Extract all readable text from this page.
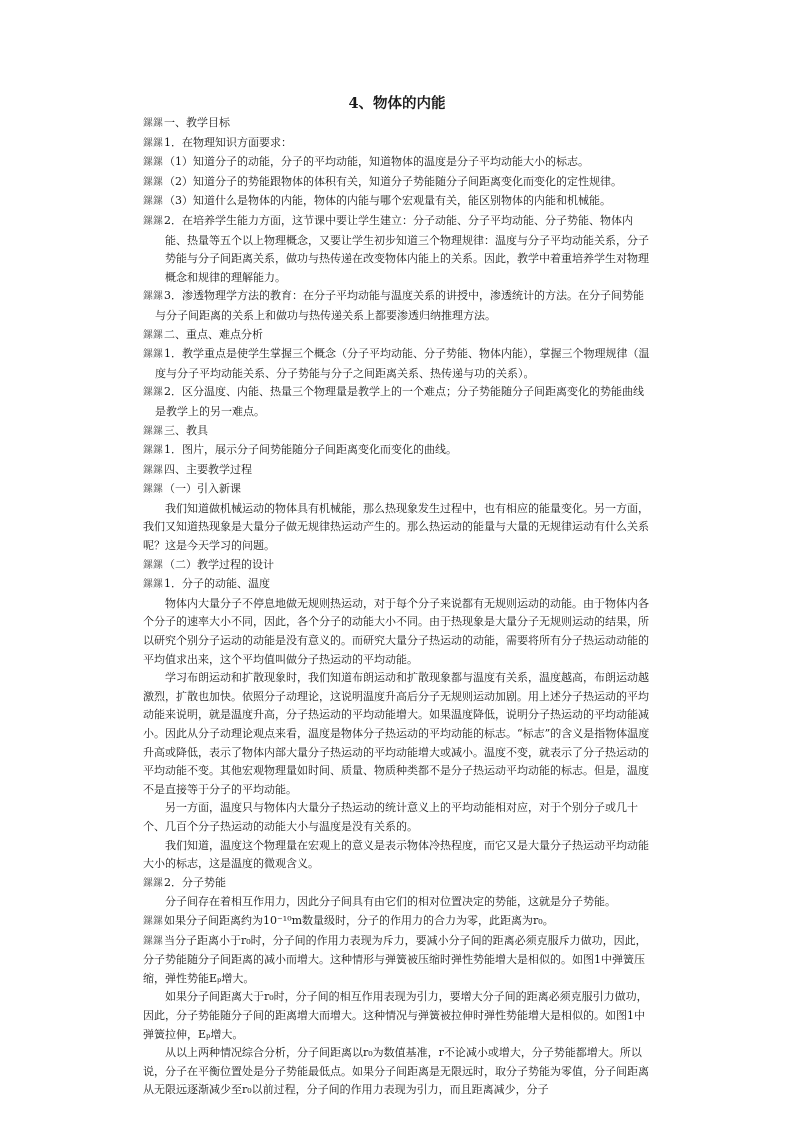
4、物体的内能

鏍鏍一、教学目标

鏍鏍1．在物理知识方面要求：

鏍鏍（1）知道分子的动能，分子的平均动能，知道物体的温度是分子平均动能大小的标志。

鏍鏍（2）知道分子的势能跟物体的体积有关，知道分子势能随分子间距离变化而变化的定性规律。

鏍鏍（3）知道什么是物体的内能，物体的内能与哪个宏观量有关，能区别物体的内能和机械能。

鏍鏍2．在培养学生能力方面，这节课中要让学生建立：分子动能、分子平均动能、分子势能、物体内能、热量等五个以上物理概念，又要让学生初步知道三个物理规律：温度与分子平均动能关系，分子势能与分子间距离关系，做功与热传递在改变物体内能上的关系。因此，教学中着重培养学生对物理概念和规律的理解能力。

鏍鏍3．渗透物理学方法的教育：在分子平均动能与温度关系的讲授中，渗透统计的方法。在分子间势能与分子间距离的关系上和做功与热传递关系上都要渗透归纳推理方法。

鏍鏍二、重点、难点分析

鏍鏍1．教学重点是使学生掌握三个概念（分子平均动能、分子势能、物体内能），掌握三个物理规律（温度与分子平均动能关系、分子势能与分子之间距离关系、热传递与功的关系）。

鏍鏍2．区分温度、内能、热量三个物理量是教学上的一个难点；分子势能随分子间距离变化的势能曲线是教学上的另一难点。

鏍鏍三、教具

鏍鏍1．图片，展示分子间势能随分子间距离变化而变化的曲线。

鏍鏍四、主要教学过程

鏍鏍（一）引入新课

我们知道做机械运动的物体具有机械能，那么热现象发生过程中，也有相应的能量变化。另一方面，我们又知道热现象是大量分子做无规律热运动产生的。那么热运动的能量与大量的无规律运动有什么关系呢？这是今天学习的问题。

鏍鏍（二）教学过程的设计

鏍鏍1．分子的动能、温度

物体内大量分子不停息地做无规则热运动，对于每个分子来说都有无规则运动的动能。由于物体内各个分子的速率大小不同，因此，各个分子的动能大小不同。由于热现象是大量分子无规则运动的结果，所以研究个别分子运动的动能是没有意义的。而研究大量分子热运动的动能，需要将所有分子热运动动能的平均值求出来，这个平均值叫做分子热运动的平均动能。

学习布朗运动和扩散现象时，我们知道布朗运动和扩散现象都与温度有关系，温度越高，布朗运动越激烈，扩散也加快。依照分子动理论，这说明温度升高后分子无规则运动加剧。用上述分子热运动的平均动能来说明，就是温度升高，分子热运动的平均动能增大。如果温度降低，说明分子热运动的平均动能减小。因此从分子动理论观点来看，温度是物体分子热运动的平均动能的标志。“标志”的含义是指物体温度升高或降低，表示了物体内部大量分子热运动的平均动能增大或减小。温度不变，就表示了分子热运动的平均动能不变。其他宏观物理量如时间、质量、物质种类都不是分子热运动平均动能的标志。但是，温度不是直接等于分子的平均动能。

另一方面，温度只与物体内大量分子热运动的统计意义上的平均动能相对应，对于个别分子或几十个、几百个分子热运动的动能大小与温度是没有关系的。

我们知道，温度这个物理量在宏观上的意义是表示物体冷热程度，而它又是大量分子热运动平均动能大小的标志，这是温度的微观含义。

鏍鏍2．分子势能

分子间存在着相互作用力，因此分子间具有由它们的相对位置决定的势能，这就是分子势能。

鏍鏍如果分子间距离约为10⁻¹⁰m数量级时，分子的作用力的合力为零，此距离为r₀。

鏍鏍当分子距离小于r₀时，分子间的作用力表现为斥力，要减小分子间的距离必须克服斥力做功，因此，分子势能随分子间距离的减小而增大。这种情形与弹簧被压缩时弹性势能增大是相似的。如图1中弹簧压缩，弹性势能Eₚ增大。

如果分子间距离大于r₀时，分子间的相互作用表现为引力，要增大分子间的距离必须克服引力做功，因此，分子势能随分子间的距离增大而增大。这种情况与弹簧被拉伸时弹性势能增大是相似的。如图1中弹簧拉伸，Eₚ增大。

从以上两种情况综合分析，分子间距离以r₀为数值基准，r不论减小或增大，分子势能都增大。所以说，分子在平衡位置处是分子势能最低点。如果分子间距离是无限远时，取分子势能为零值，分子间距离从无限远逐渐减少至r₀以前过程，分子间的作用力表现为引力，而且距离减少，分子
